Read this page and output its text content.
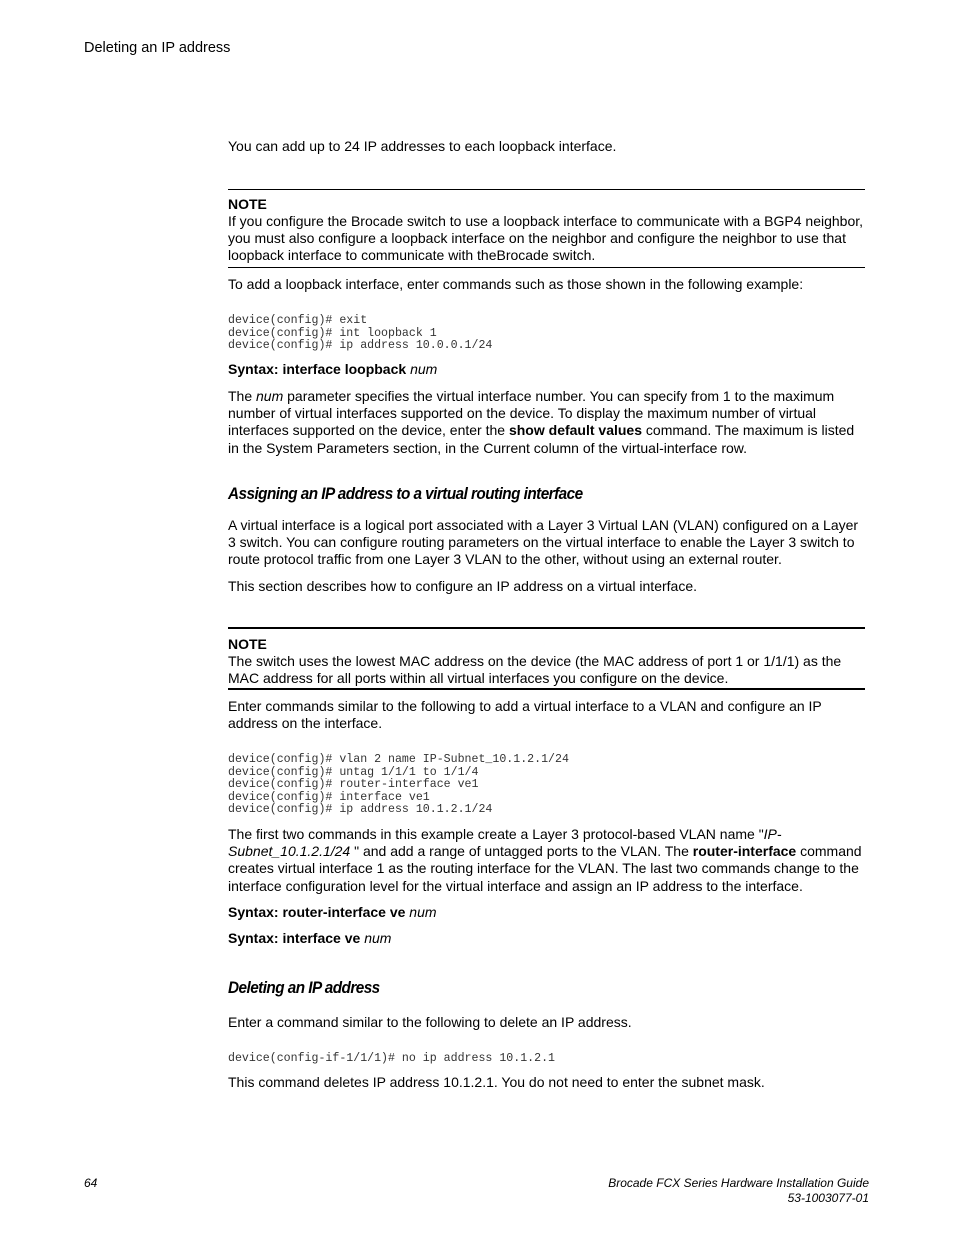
Deleting an IP address

You can add up to 24 IP addresses to each loopback interface.

NOTE

If you configure the Brocade switch to use a loopback interface to communicate with a BGP4 neighbor, you must also configure a loopback interface on the neighbor and configure the neighbor to use that loopback interface to communicate with theBrocade switch.

To add a loopback interface, enter commands such as those shown in the following example:

device(config)# exit
device(config)# int loopback 1
device(config)# ip address 10.0.0.1/24
Syntax: interface loopback num

The num parameter specifies the virtual interface number. You can specify from 1 to the maximum number of virtual interfaces supported on the device. To display the maximum number of virtual interfaces supported on the device, enter the show default values command. The maximum is listed in the System Parameters section, in the Current column of the virtual-interface row.

Assigning an IP address to a virtual routing interface

A virtual interface is a logical port associated with a Layer 3 Virtual LAN (VLAN) configured on a Layer 3 switch. You can configure routing parameters on the virtual interface to enable the Layer 3 switch to route protocol traffic from one Layer 3 VLAN to the other, without using an external router.

This section describes how to configure an IP address on a virtual interface.

NOTE

The switch uses the lowest MAC address on the device (the MAC address of port 1 or 1/1/1) as the MAC address for all ports within all virtual interfaces you configure on the device.

Enter commands similar to the following to add a virtual interface to a VLAN and configure an IP address on the interface.

device(config)# vlan 2 name IP-Subnet_10.1.2.1/24
device(config)# untag 1/1/1 to 1/1/4
device(config)# router-interface ve1
device(config)# interface ve1
device(config)# ip address 10.1.2.1/24

The first two commands in this example create a Layer 3 protocol-based VLAN name "IP-Subnet_10.1.2.1/24 " and add a range of untagged ports to the VLAN. The router-interface command creates virtual interface 1 as the routing interface for the VLAN. The last two commands change to the interface configuration level for the virtual interface and assign an IP address to the interface.

Syntax: router-interface ve num
Syntax: interface ve num
Deleting an IP address

Enter a command similar to the following to delete an IP address.

device(config-if-1/1/1)# no ip address 10.1.2.1

This command deletes IP address 10.1.2.1. You do not need to enter the subnet mask.

64	Brocade FCX Series Hardware Installation Guide
53-1003077-01
